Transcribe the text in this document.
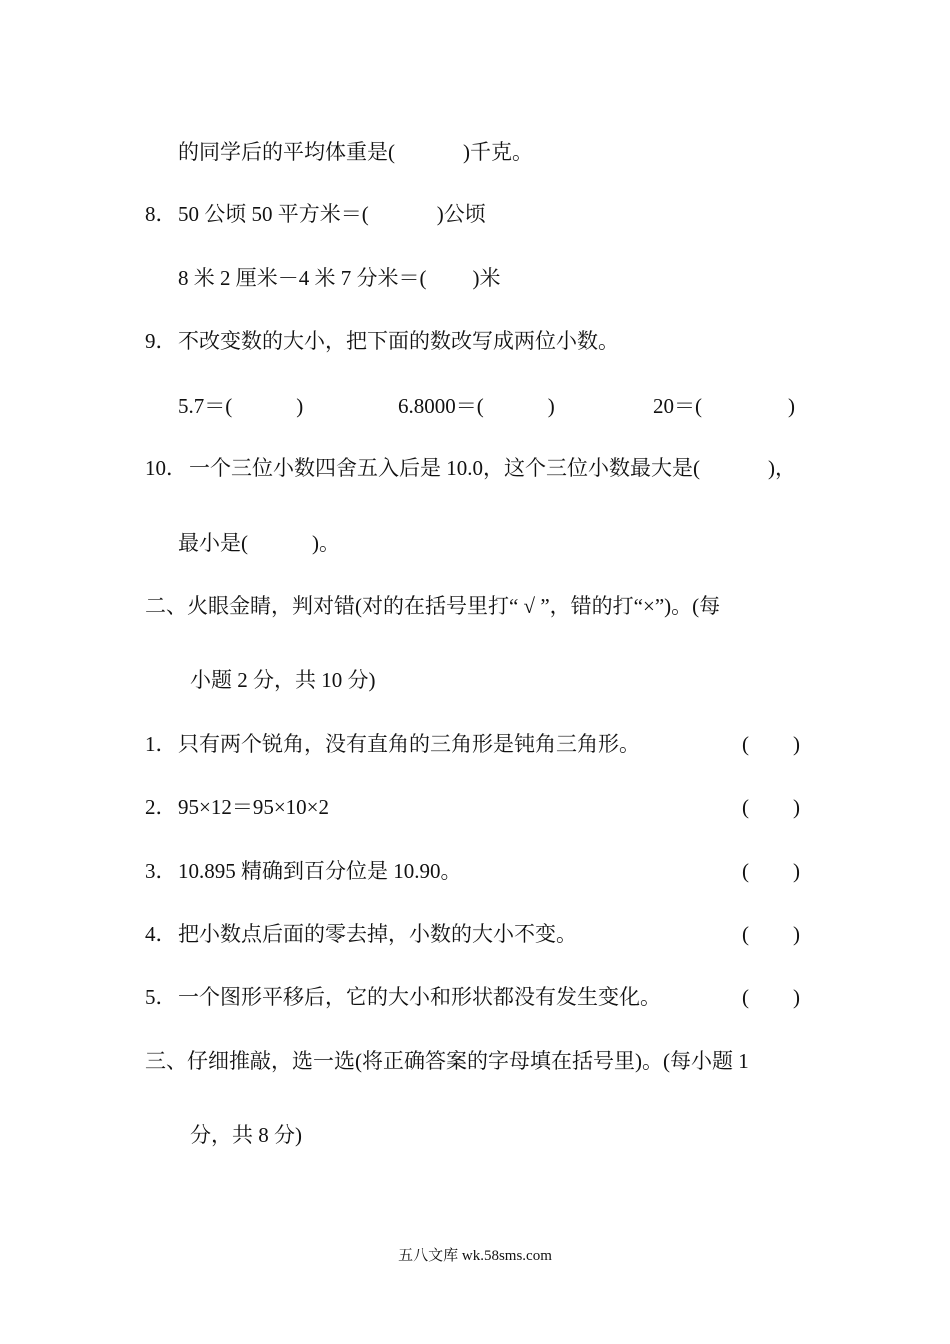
的同学后的平均体重是(	)千克。
8．50 公顷 50 平方米＝(	)公顷
8 米 2 厘米－4 米 7 分米＝( )米
9．不改变数的大小，把下面的数改写成两位小数。
5.7＝(	)	6.8000＝(	)	20＝(	)
10．一个三位小数四舍五入后是 10.0，这个三位小数最大是(	)，
最小是(	)。
二、火眼金睛，判对错(对的在括号里打“ √ ”，错的打“×”)。(每
小题 2 分，共 10 分)
1．只有两个锐角，没有直角的三角形是钝角三角形。	( )
2．95×12＝95×10×2	( )
3．10.895 精确到百分位是 10.90。	( )
4．把小数点后面的零去掉，小数的大小不变。	( )
5．一个图形平移后，它的大小和形状都没有发生变化。	( )
三、仔细推敲，选一选(将正确答案的字母填在括号里)。(每小题 1
分，共 8 分)
五八文库 wk.58sms.com
